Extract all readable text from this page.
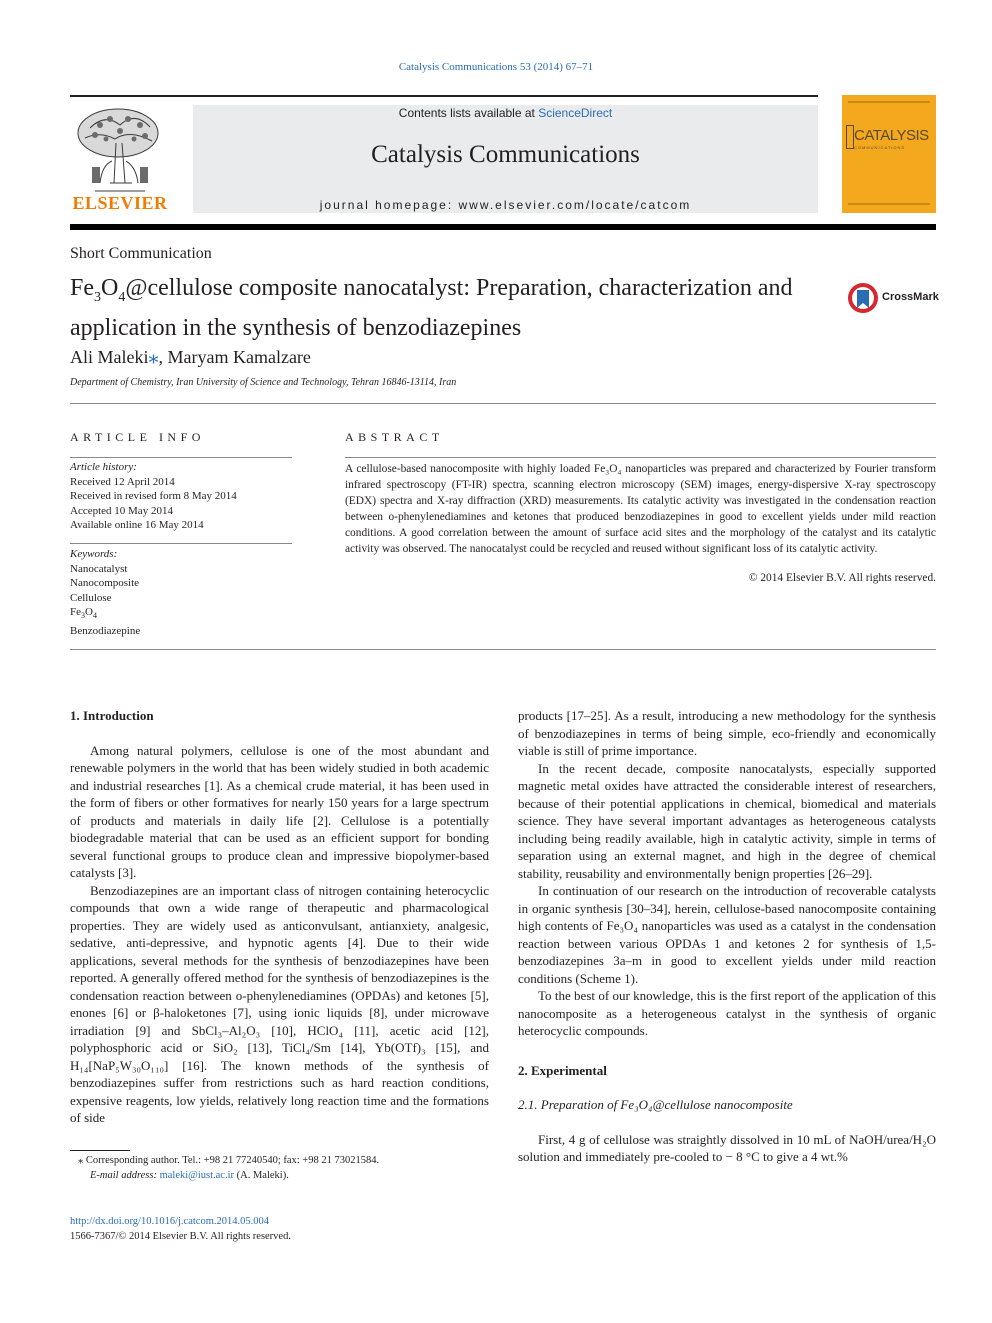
Catalysis Communications 53 (2014) 67–71
ELSEVIER
Contents lists available at ScienceDirect
Catalysis Communications
journal homepage: www.elsevier.com/locate/catcom
CATALYSIS
COMMUNICATIONS
Short Communication
$Fe_3O_4@cellulose$ composite nanocatalyst: Preparation, characterization and application in the synthesis of benzodiazepines
CrossMark
Ali Maleki⁎, Maryam Kamalzare
Department of Chemistry, Iran University of Science and Technology, Tehran 16846-13114, Iran
ARTICLE INFO	ABSTRACT
Article history:
Received 12 April 2014
Received in revised form 8 May 2014
Accepted 10 May 2014
Available online 16 May 2014
Keywords:
Nanocatalyst
Nanocomposite
Cellulose
$Fe_3O_4$
Benzodiazepine
A cellulose-based nanocomposite with highly loaded Fe₃O₄ nanoparticles was prepared and characterized by Fourier transform infrared spectroscopy (FT-IR) spectra, scanning electron microscopy (SEM) images, energy-dispersive X-ray spectroscopy (EDX) spectra and X-ray diffraction (XRD) measurements. Its catalytic activity was investigated in the condensation reaction between o-phenylenediamines and ketones that produced benzodiazepines in good to excellent yields under mild reaction conditions. A good correlation between the amount of surface acid sites and the morphology of the catalyst and its catalytic activity was observed. The nanocatalyst could be recycled and reused without significant loss of its catalytic activity.
© 2014 Elsevier B.V. All rights reserved.
1. Introduction

Among natural polymers, cellulose is one of the most abundant and renewable polymers in the world that has been widely studied in both academic and industrial researches [1]. As a chemical crude material, it has been used in the form of fibers or other formatives for nearly 150 years for a large spectrum of products and materials in daily life [2]. Cellulose is a potentially biodegradable material that can be used as an efficient support for bonding several functional groups to produce clean and impressive biopolymer-based catalysts [3].

Benzodiazepines are an important class of nitrogen containing heterocyclic compounds that own a wide range of therapeutic and pharmacological properties. They are widely used as anticonvulsant, antianxiety, analgesic, sedative, anti-depressive, and hypnotic agents [4]. Due to their wide applications, several methods for the synthesis of benzodiazepines have been reported. A generally offered method for the synthesis of benzodiazepines is the condensation reaction between o-phenylenediamines (OPDAs) and ketones [5], enones [6] or β-haloketones [7], using ionic liquids [8], under microwave irradiation [9] and SbCl₃–Al₂O₃ [10], HClO₄ [11], acetic acid [12], polyphosphoric acid or SiO₂ [13], TiCl₄/Sm [14], Yb(OTf)₃ [15], and H₁₄[NaP₅W₃₀O₁₁₀] [16]. The known methods of the synthesis of benzodiazepines suffer from restrictions such as hard reaction conditions, expensive reagents, low yields, relatively long reaction time and the formations of side

products [17–25]. As a result, introducing a new methodology for the synthesis of benzodiazepines in terms of being simple, eco-friendly and economically viable is still of prime importance.

In the recent decade, composite nanocatalysts, especially supported magnetic metal oxides have attracted the considerable interest of researchers, because of their potential applications in chemical, biomedical and materials science. They have several important advantages as heterogeneous catalysts including being readily available, high in catalytic activity, simple in terms of separation using an external magnet, and high in the degree of chemical stability, reusability and environmentally benign properties [26–29].

In continuation of our research on the introduction of recoverable catalysts in organic synthesis [30–34], herein, cellulose-based nanocomposite containing high contents of Fe₃O₄ nanoparticles was used as a catalyst in the condensation reaction between various OPDAs 1 and ketones 2 for synthesis of 1,5-benzodiazepines 3a–m in good to excellent yields under mild reaction conditions (Scheme 1).

To the best of our knowledge, this is the first report of the application of this nanocomposite as a heterogeneous catalyst in the synthesis of organic heterocyclic compounds.

2. Experimental
2.1. Preparation of Fe₃O₄@cellulose nanocomposite

First, 4 g of cellulose was straightly dissolved in 10 mL of NaOH/urea/H₂O solution and immediately pre-cooled to − 8 °C to give a 4 wt.%

⁎ Corresponding author. Tel.: +98 21 77240540; fax: +98 21 73021584.
E-mail address: maleki@iust.ac.ir (A. Maleki).
http://dx.doi.org/10.1016/j.catcom.2014.05.004
1566-7367/© 2014 Elsevier B.V. All rights reserved.
